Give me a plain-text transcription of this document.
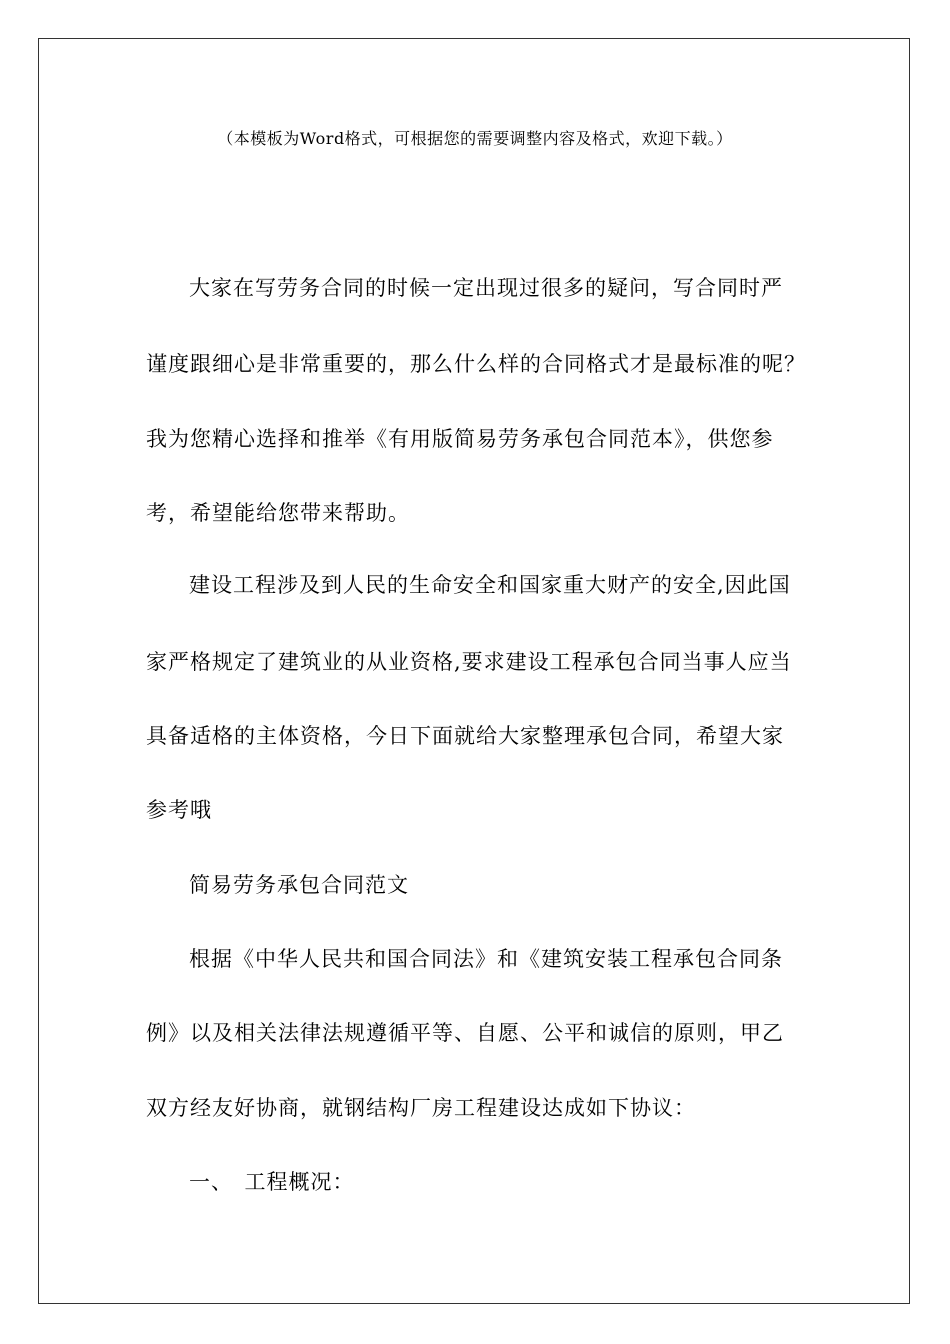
（本模板为Word格式，可根据您的需要调整内容及格式，欢迎下载。）
大家在写劳务合同的时候一定出现过很多的疑问，写合同时严
谨度跟细心是非常重要的，那么什么样的合同格式才是最标准的呢？
我为您精心选择和推举《有用版简易劳务承包合同范本》，供您参
考，希望能给您带来帮助。
建设工程涉及到人民的生命安全和国家重大财产的安全,因此国
家严格规定了建筑业的从业资格,要求建设工程承包合同当事人应当
具备适格的主体资格，今日下面就给大家整理承包合同，希望大家
参考哦
简易劳务承包合同范文
根据《中华人民共和国合同法》和《建筑安装工程承包合同条
例》以及相关法律法规遵循平等、自愿、公平和诚信的原则，甲乙
双方经友好协商，就钢结构厂房工程建设达成如下协议：
一、　工程概况：
